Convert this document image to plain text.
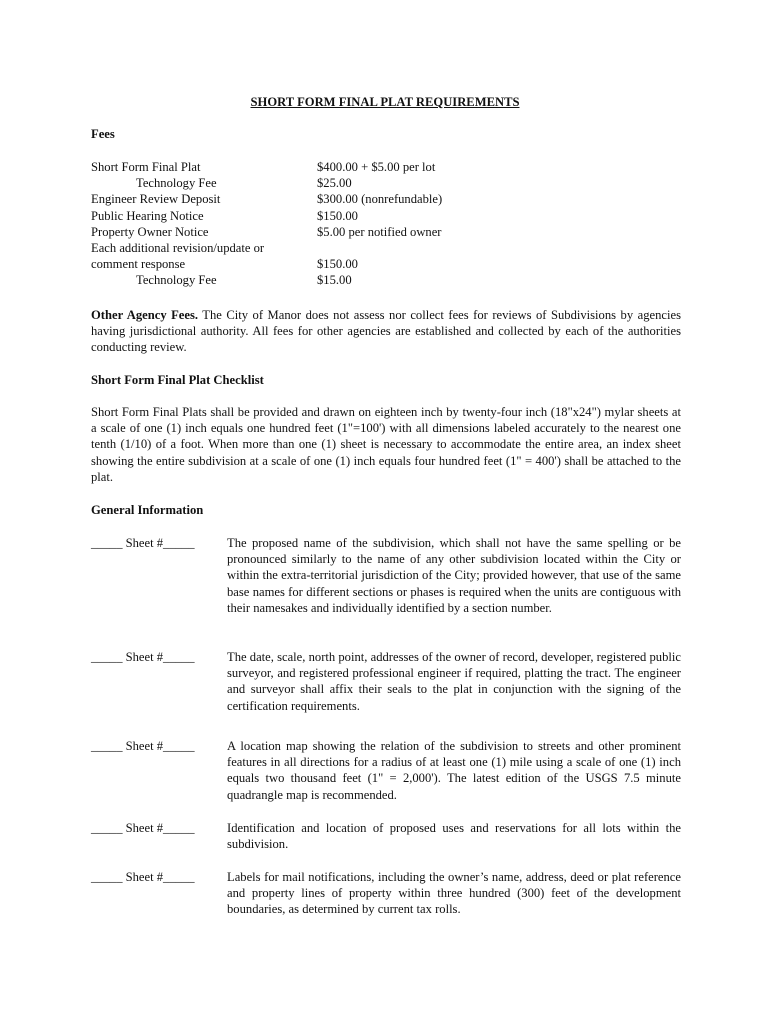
SHORT FORM FINAL PLAT REQUIREMENTS
Fees
Short Form Final Plat	$400.00 + $5.00 per lot
Technology Fee	$25.00
Engineer Review Deposit	$300.00 (nonrefundable)
Public Hearing Notice	$150.00
Property Owner Notice	$5.00 per notified owner
Each additional revision/update or
comment response	$150.00
Technology Fee	$15.00
Other Agency Fees. The City of Manor does not assess nor collect fees for reviews of Subdivisions by agencies having jurisdictional authority. All fees for other agencies are established and collected by each of the authorities conducting review.
Short Form Final Plat Checklist
Short Form Final Plats shall be provided and drawn on eighteen inch by twenty-four inch (18"x24") mylar sheets at a scale of one (1) inch equals one hundred feet (1"=100') with all dimensions labeled accurately to the nearest one tenth (1/10) of a foot. When more than one (1) sheet is necessary to accommodate the entire area, an index sheet showing the entire subdivision at a scale of one (1) inch equals four hundred feet (1" = 400') shall be attached to the plat.
General Information
_____ Sheet #_____	The proposed name of the subdivision, which shall not have the same spelling or be pronounced similarly to the name of any other subdivision located within the City or within the extra-territorial jurisdiction of the City; provided however, that use of the same base names for different sections or phases is required when the units are contiguous with their namesakes and individually identified by a section number.
_____ Sheet #_____	The date, scale, north point, addresses of the owner of record, developer, registered public surveyor, and registered professional engineer if required, platting the tract. The engineer and surveyor shall affix their seals to the plat in conjunction with the signing of the certification requirements.
_____ Sheet #_____	A location map showing the relation of the subdivision to streets and other prominent features in all directions for a radius of at least one (1) mile using a scale of one (1) inch equals two thousand feet (1" = 2,000'). The latest edition of the USGS 7.5 minute quadrangle map is recommended.
_____ Sheet #_____	Identification and location of proposed uses and reservations for all lots within the subdivision.
_____ Sheet #_____	Labels for mail notifications, including the owner’s name, address, deed or plat reference and property lines of property within three hundred (300) feet of the development boundaries, as determined by current tax rolls.
